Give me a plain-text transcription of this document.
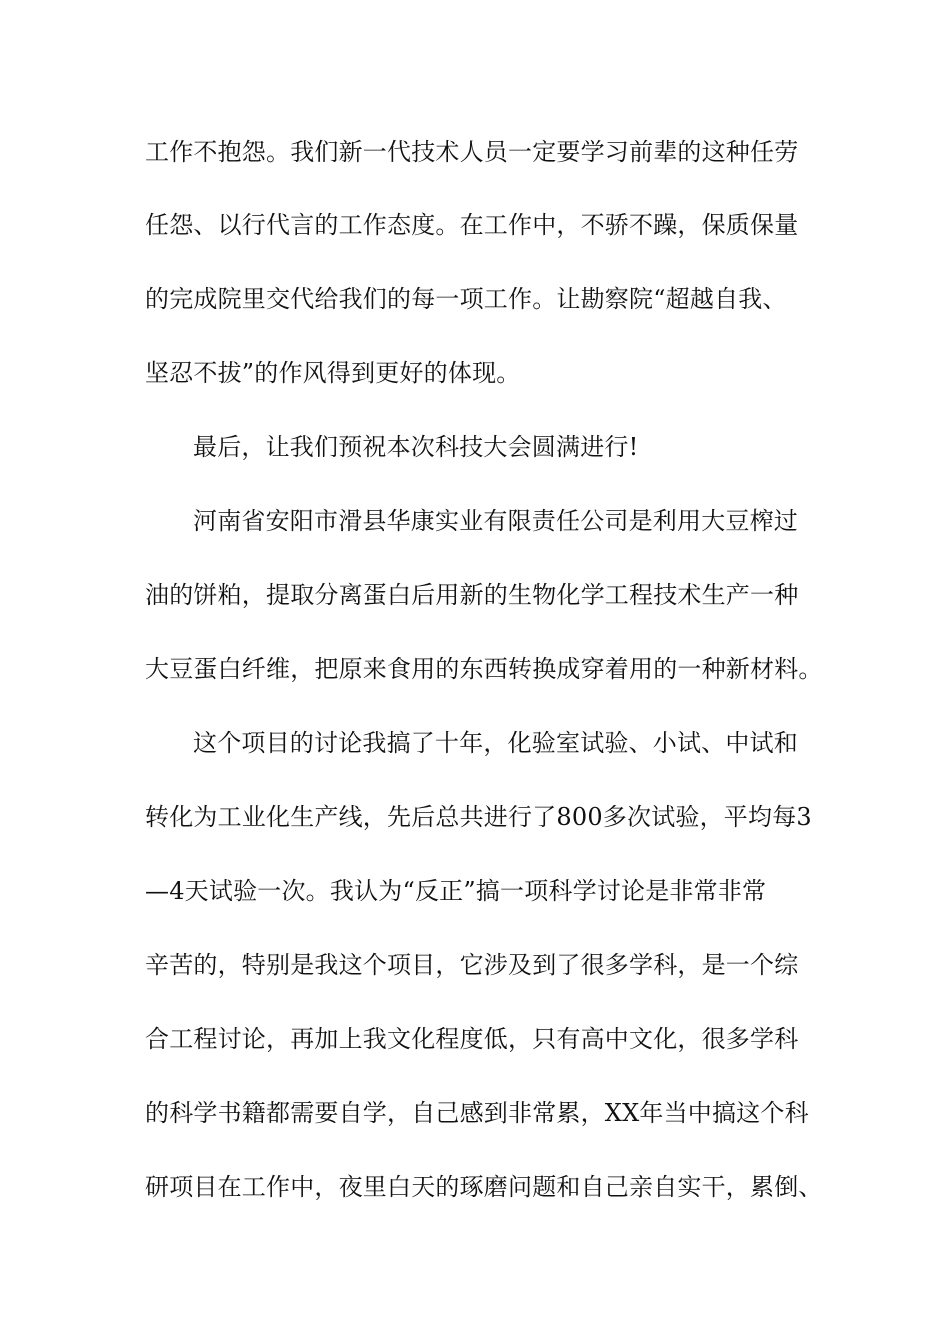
工作不抱怨。我们新一代技术人员一定要学习前辈的这种任劳
任怨、以行代言的工作态度。在工作中，不骄不躁，保质保量
的完成院里交代给我们的每一项工作。让勘察院“超越自我、
坚忍不拔”的作风得到更好的体现。
最后，让我们预祝本次科技大会圆满进行!
河南省安阳市滑县华康实业有限责任公司是利用大豆榨过
油的饼粕，提取分离蛋白后用新的生物化学工程技术生产一种
大豆蛋白纤维，把原来食用的东西转换成穿着用的一种新材料。
这个项目的讨论我搞了十年，化验室试验、小试、中试和
转化为工业化生产线，先后总共进行了800多次试验，平均每3
—4天试验一次。我认为“反正”搞一项科学讨论是非常非常
辛苦的，特别是我这个项目，它涉及到了很多学科，是一个综
合工程讨论，再加上我文化程度低，只有高中文化，很多学科
的科学书籍都需要自学，自己感到非常累，XX年当中搞这个科
研项目在工作中，夜里白天的琢磨问题和自己亲自实干，累倒、
